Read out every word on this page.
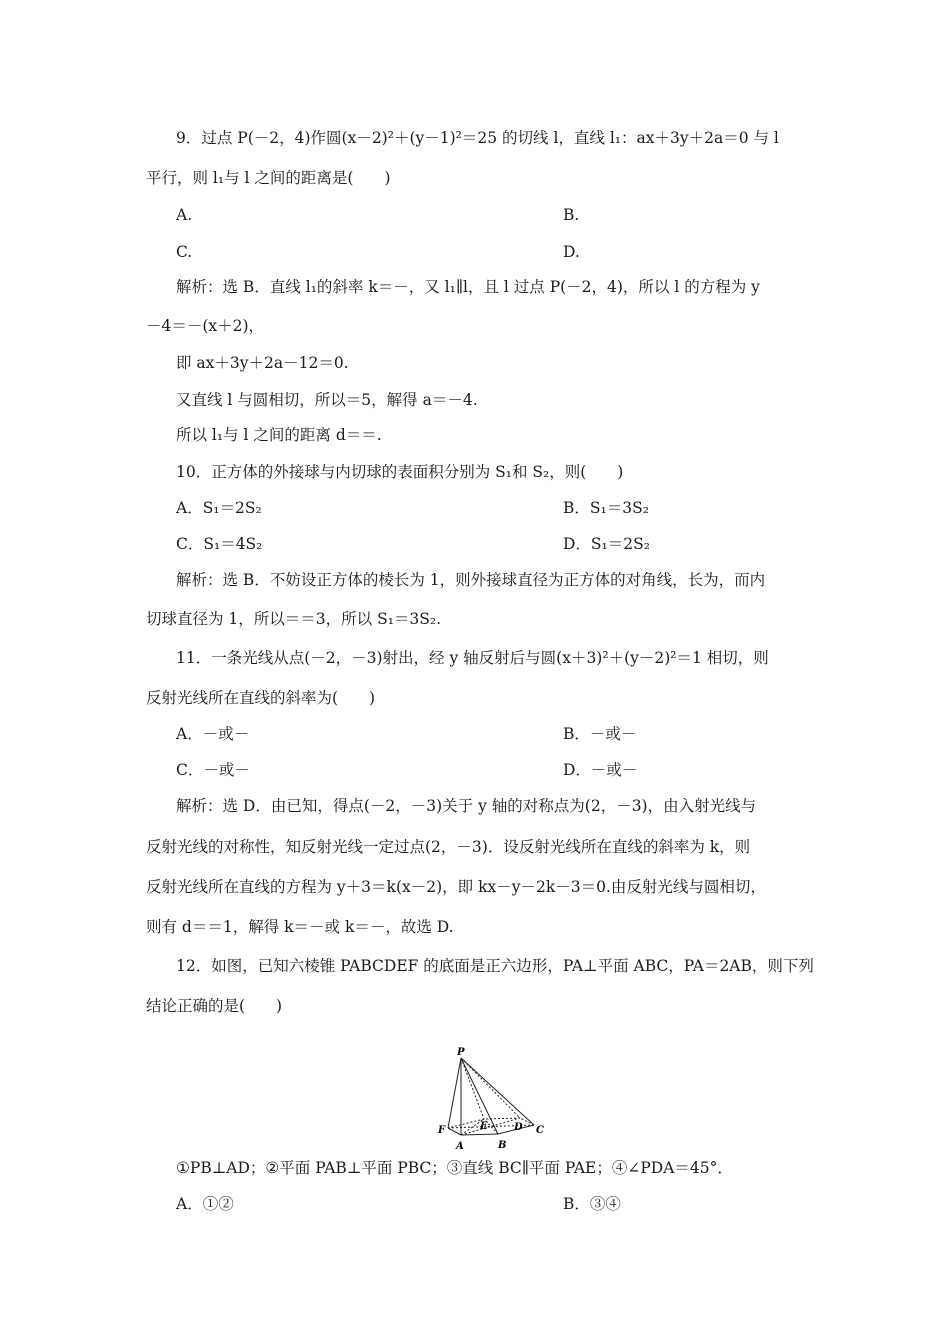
9．过点 P(－2，4)作圆(x－2)²＋(y－1)²＝25 的切线 l，直线 l₁：ax＋3y＋2a＝0 与 l
平行，则 l₁与 l 之间的距离是(　　)
A.	B.
C.	D.
解析：选 B．直线 l₁的斜率 k＝－，又 l₁∥l，且 l 过点 P(－2，4)，所以 l 的方程为 y
－4＝－(x＋2)，
即 ax＋3y＋2a－12＝0.
又直线 l 与圆相切，所以＝5，解得 a＝－4.
所以 l₁与 l 之间的距离 d＝＝.
10．正方体的外接球与内切球的表面积分别为 S₁和 S₂，则(　　)
A．S₁＝2S₂	B．S₁＝3S₂
C．S₁＝4S₂	D．S₁＝2S₂
解析：选 B．不妨设正方体的棱长为 1，则外接球直径为正方体的对角线，长为，而内
切球直径为 1，所以＝＝3，所以 S₁＝3S₂.
11．一条光线从点(－2，－3)射出，经 y 轴反射后与圆(x＋3)²＋(y－2)²＝1 相切，则
反射光线所在直线的斜率为(　　)
A．－或－	B．－或－
C．－或－	D．－或－
解析：选 D．由已知，得点(－2，－3)关于 y 轴的对称点为(2，－3)，由入射光线与
反射光线的对称性，知反射光线一定过点(2，－3)．设反射光线所在直线的斜率为 k，则
反射光线所在直线的方程为 y＋3＝k(x－2)，即 kx－y－2k－3＝0.由反射光线与圆相切，
则有 d＝＝1，解得 k＝－或 k＝－，故选 D.
12．如图，已知六棱锥 PABCDEF 的底面是正六边形，PA⊥平面 ABC，PA＝2AB，则下列
结论正确的是(　　)
P
F
A
E
B
D C
①PB⊥AD；②平面 PAB⊥平面 PBC；③直线 BC∥平面 PAE；④∠PDA＝45°．
A．①②	B．③④
